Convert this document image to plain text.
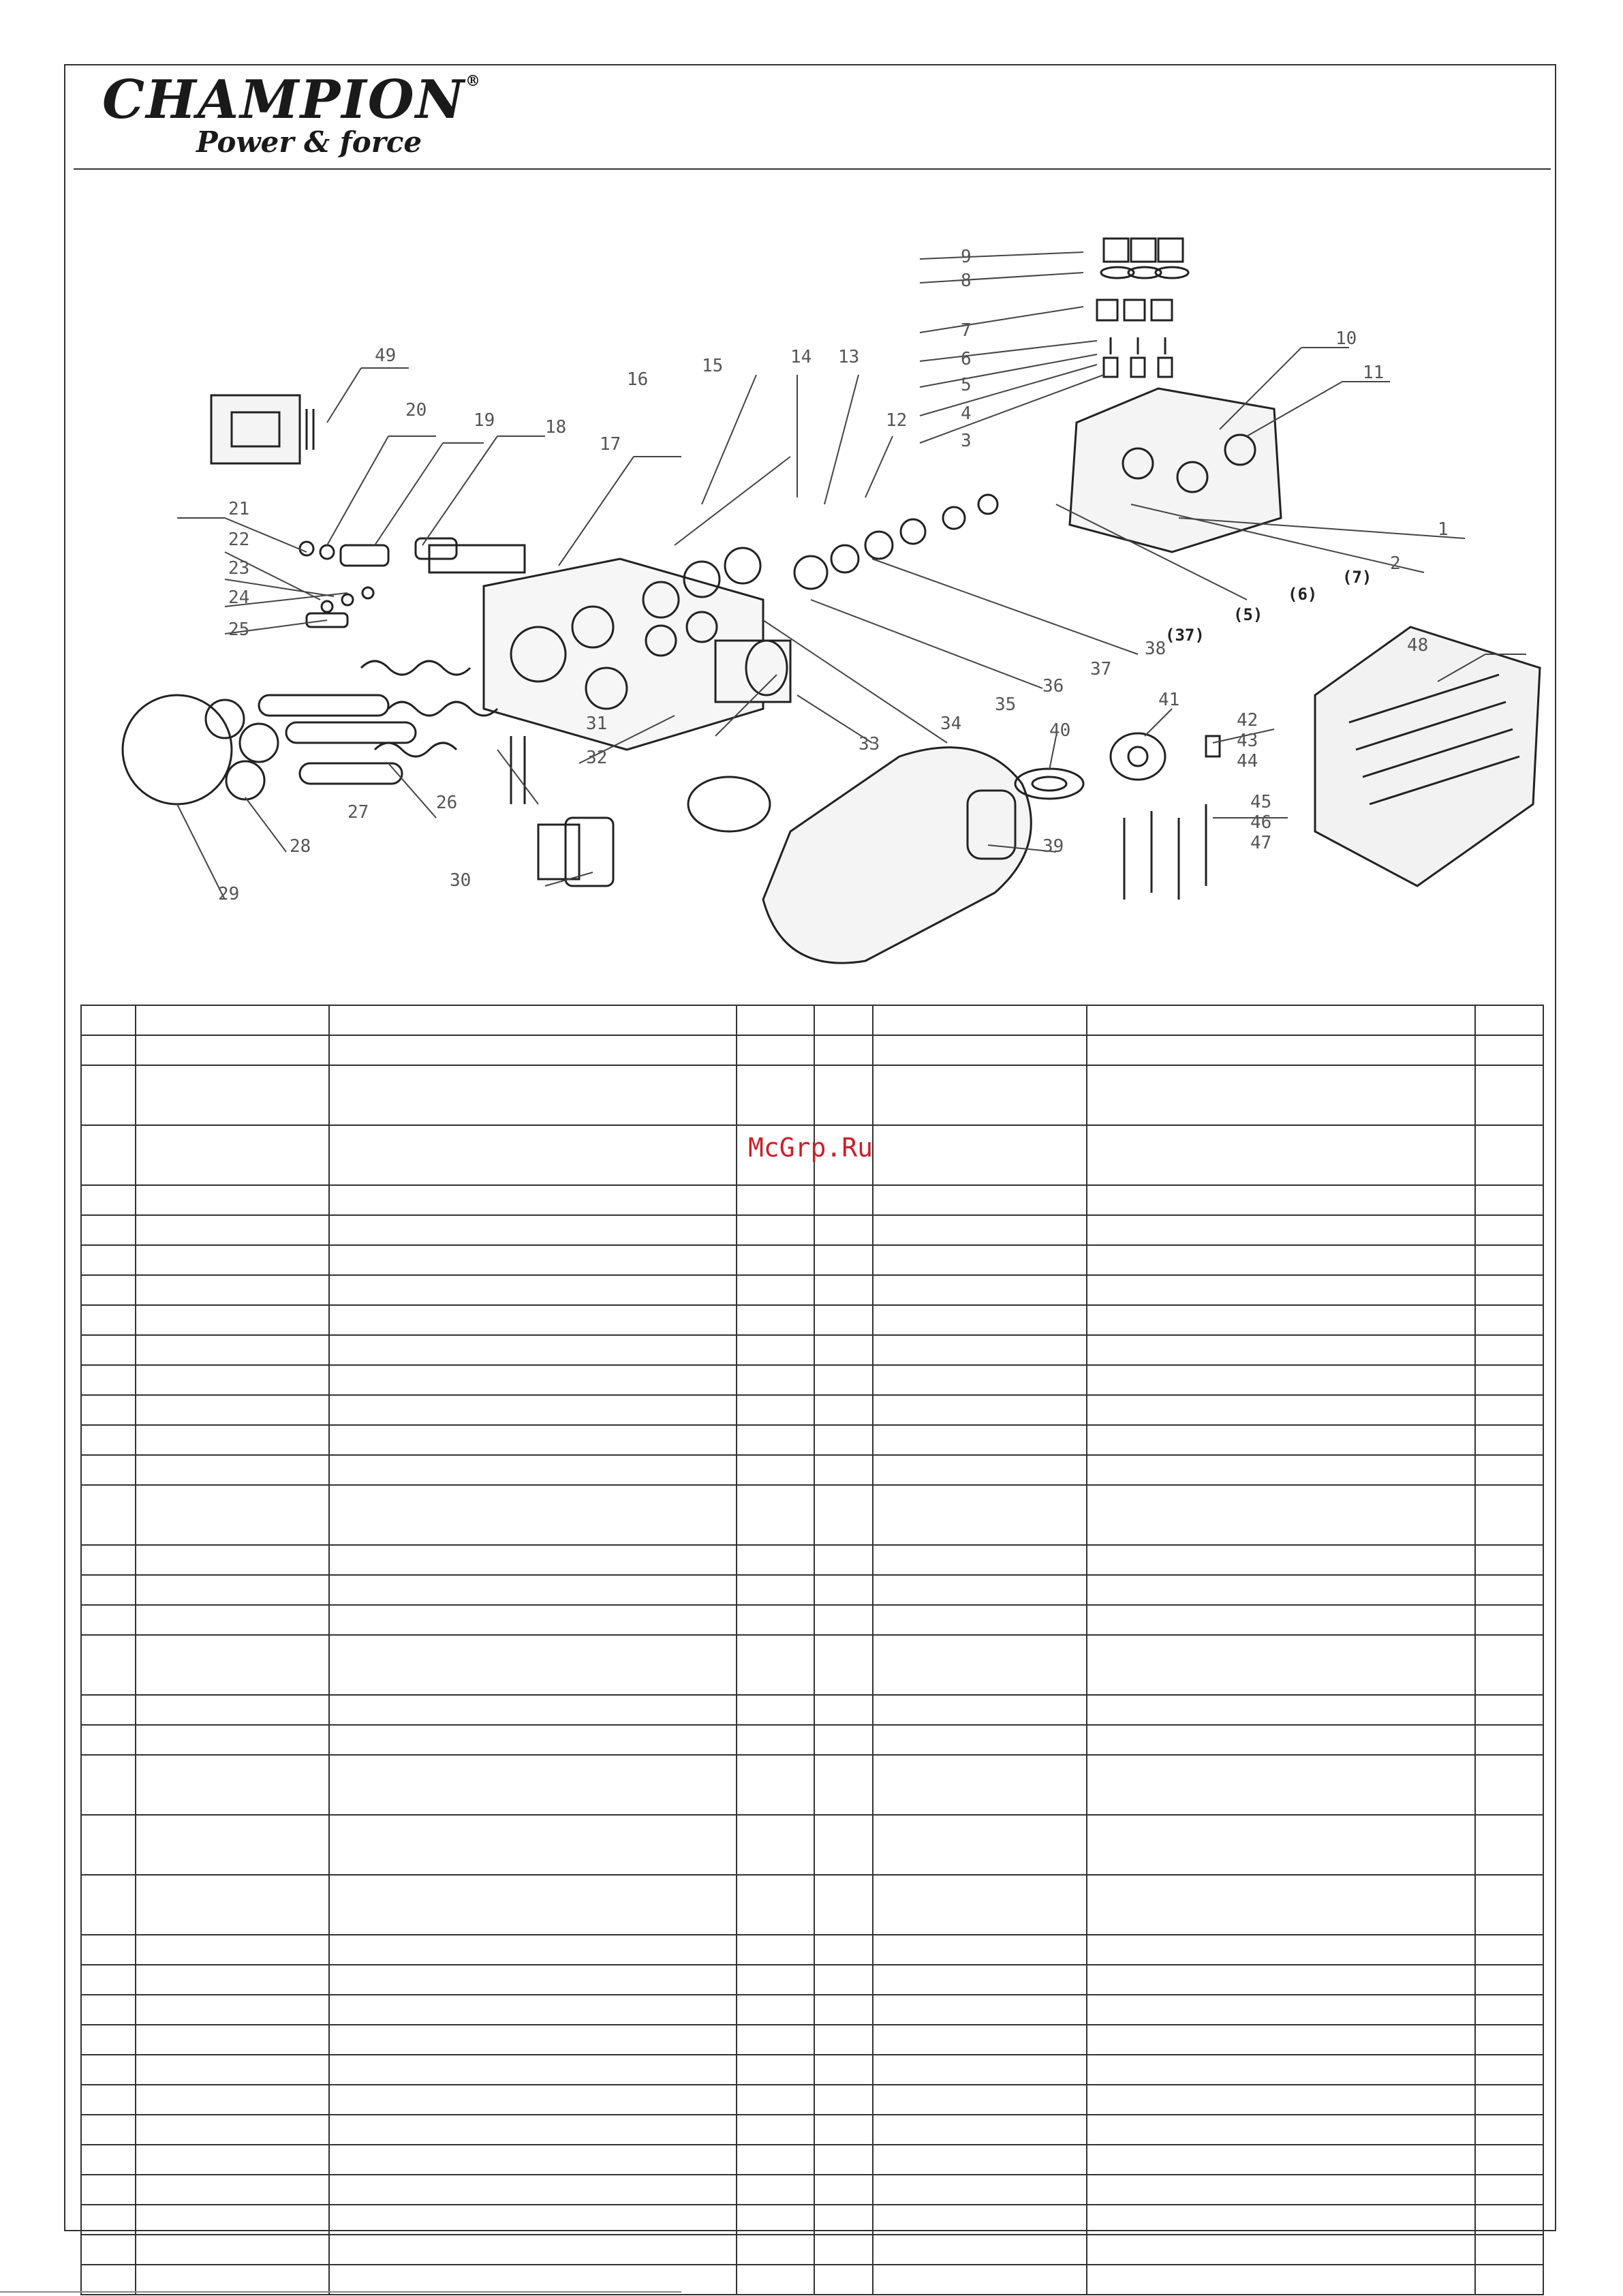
CHAMPION®
Power & force
1
2
3
4
5
6
7
8
9
10
11
12
13
14
15
16
17
18
19
20
21
22
23
24
25
26
27
28
29
30
31
32
33
34
35
36
37
38
39
40
41
42
43
44
45
46
47
48
49
(7)
(6)
(5)
(37)

McGrp.Ru
